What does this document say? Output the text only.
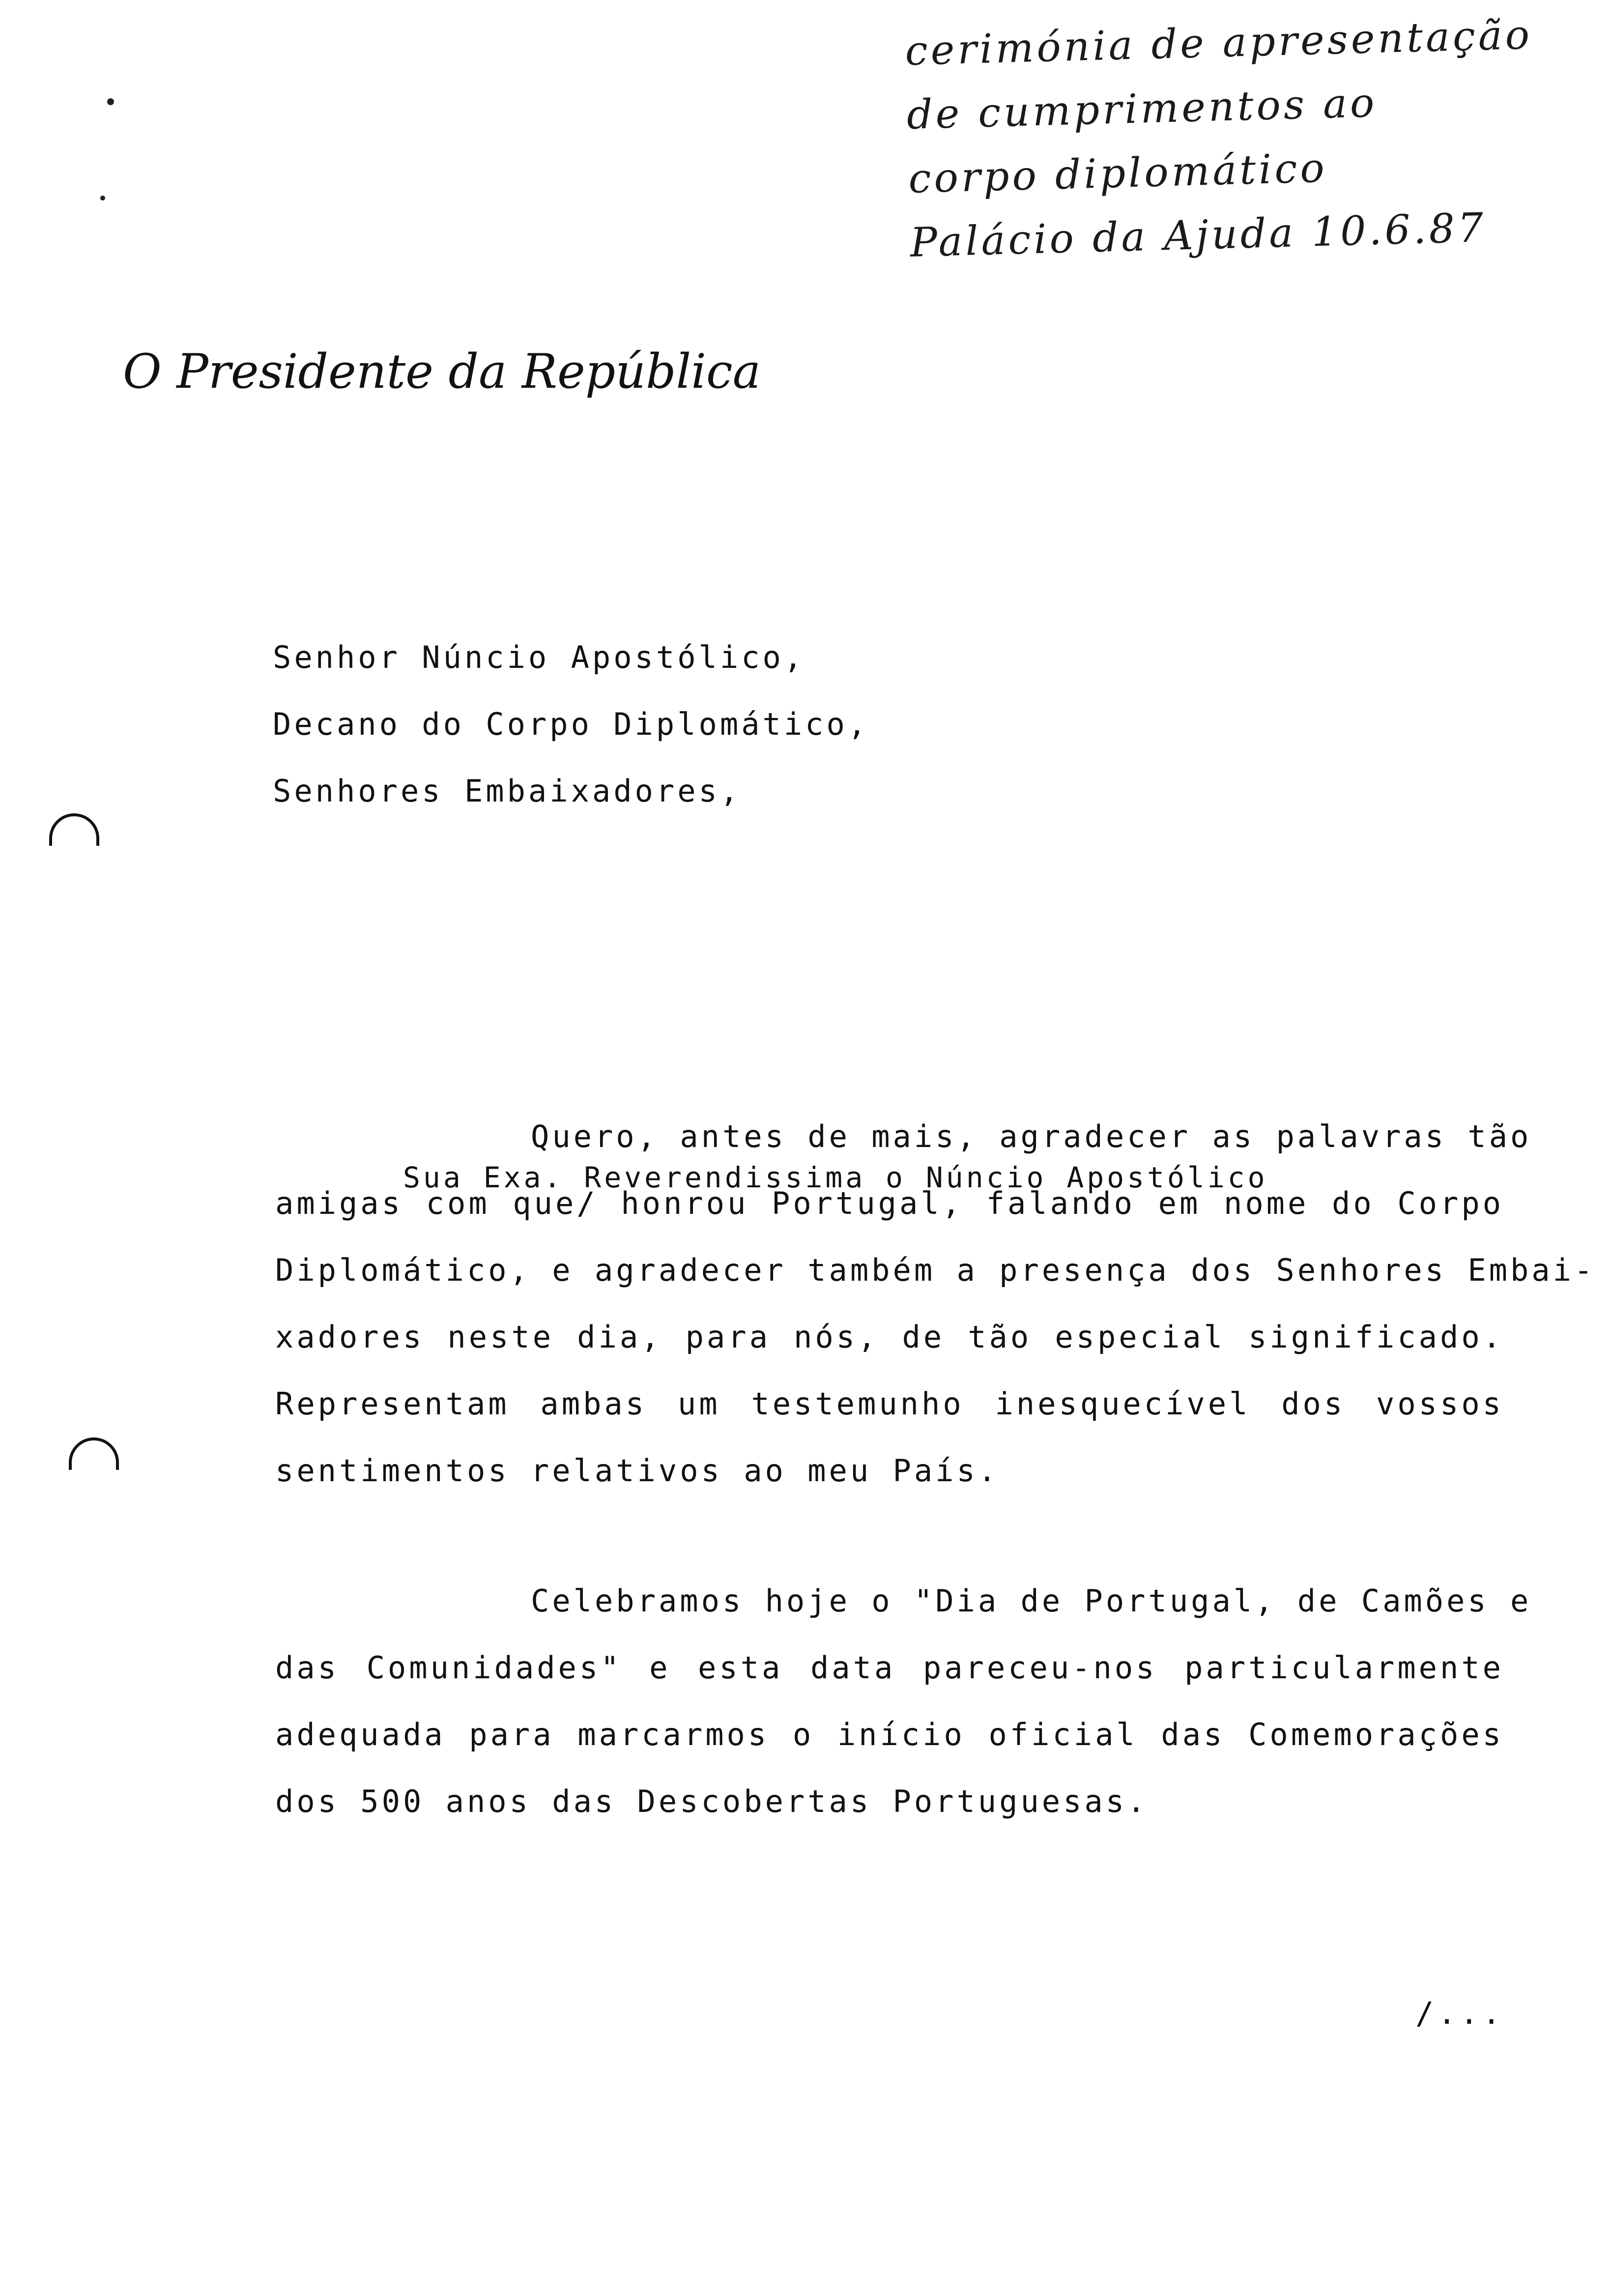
cerimónia de apresentação
de cumprimentos ao
corpo diplomático
Palácio da Ajuda 10.6.87
O Presidente da República
Senhor Núncio Apostólico,
Decano do Corpo Diplomático,
Senhores Embaixadores,
Sua Exa. Reverendissima o Núncio Apostólico
Quero, antes de mais, agradecer as palavras tão
amigas com que/ honrou Portugal, falando em nome do Corpo
Diplomático, e agradecer também a presença dos Senhores Embai-
xadores neste dia, para nós, de tão especial significado.
Representam ambas um testemunho inesquecível dos vossos
sentimentos relativos ao meu País.
Celebramos hoje o "Dia de Portugal, de Camões e
das Comunidades" e esta data pareceu-nos particularmente
adequada para marcarmos o início oficial das Comemorações
dos 500 anos das Descobertas Portuguesas.
/...
